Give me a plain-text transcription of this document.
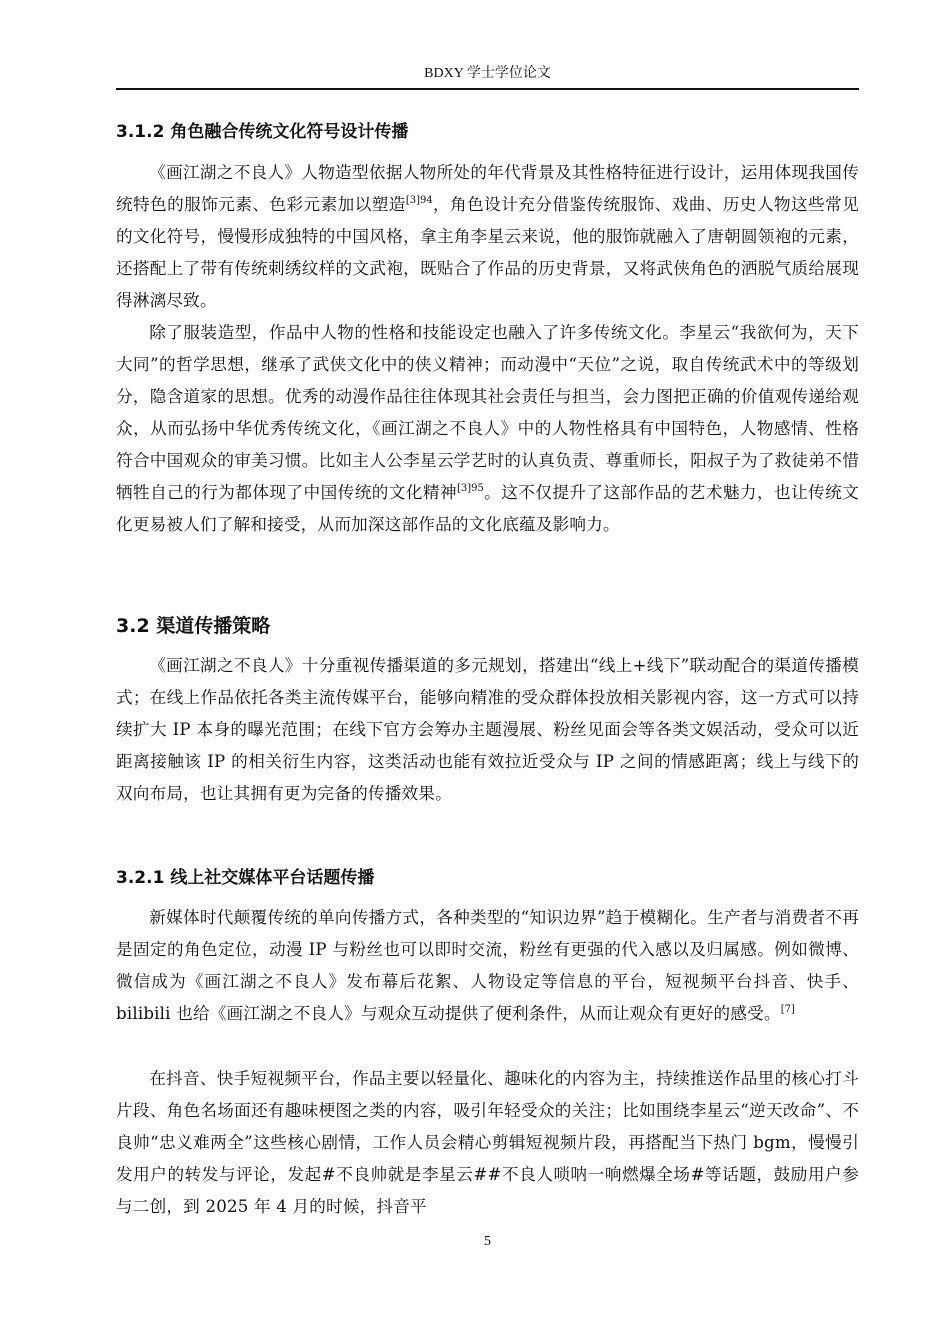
BDXY 学士学位论文
3.1.2 角色融合传统文化符号设计传播

《画江湖之不良人》人物造型依据人物所处的年代背景及其性格特征进行设计，运用体现我国传统特色的服饰元素、色彩元素加以塑造$^{[3]94}$，角色设计充分借鉴传统服饰、戏曲、历史人物这些常见的文化符号，慢慢形成独特的中国风格，拿主角李星云来说，他的服饰就融入了唐朝圆领袍的元素，还搭配上了带有传统刺绣纹样的文武袍，既贴合了作品的历史背景，又将武侠角色的洒脱气质给展现得淋漓尽致。

除了服装造型，作品中人物的性格和技能设定也融入了许多传统文化。李星云“我欲何为，天下大同”的哲学思想，继承了武侠文化中的侠义精神；而动漫中“天位”之说，取自传统武术中的等级划分，隐含道家的思想。优秀的动漫作品往往体现其社会责任与担当，会力图把正确的价值观传递给观众，从而弘扬中华优秀传统文化，《画江湖之不良人》中的人物性格具有中国特色，人物感情、性格符合中国观众的审美习惯。比如主人公李星云学艺时的认真负责、尊重师长，阳叔子为了救徒弟不惜牺牲自己的行为都体现了中国传统的文化精神$^{[3]95}$。这不仅提升了这部作品的艺术魅力，也让传统文化更易被人们了解和接受，从而加深这部作品的文化底蕴及影响力。

3.2 渠道传播策略

《画江湖之不良人》十分重视传播渠道的多元规划，搭建出“线上+线下”联动配合的渠道传播模式；在线上作品依托各类主流传媒平台，能够向精准的受众群体投放相关影视内容，这一方式可以持续扩大 IP 本身的曝光范围；在线下官方会筹办主题漫展、粉丝见面会等各类文娱活动，受众可以近距离接触该 IP 的相关衍生内容，这类活动也能有效拉近受众与 IP 之间的情感距离；线上与线下的双向布局，也让其拥有更为完备的传播效果。

3.2.1 线上社交媒体平台话题传播

新媒体时代颠覆传统的单向传播方式，各种类型的“知识边界”趋于模糊化。生产者与消费者不再是固定的角色定位，动漫 IP 与粉丝也可以即时交流，粉丝有更强的代入感以及归属感。例如微博、微信成为《画江湖之不良人》发布幕后花絮、人物设定等信息的平台，短视频平台抖音、快手、bilibili 也给《画江湖之不良人》与观众互动提供了便利条件，从而让观众有更好的感受。[7]

在抖音、快手短视频平台，作品主要以轻量化、趣味化的内容为主，持续推送作品里的核心打斗片段、角色名场面还有趣味梗图之类的内容，吸引年轻受众的关注；比如围绕李星云“逆天改命”、不良帅“忠义难两全”这些核心剧情，工作人员会精心剪辑短视频片段，再搭配当下热门 bgm，慢慢引发用户的转发与评论，发起#不良帅就是李星云##不良人唢呐一响燃爆全场#等话题，鼓励用户参与二创，到 2025 年 4 月的时候，抖音平

5
